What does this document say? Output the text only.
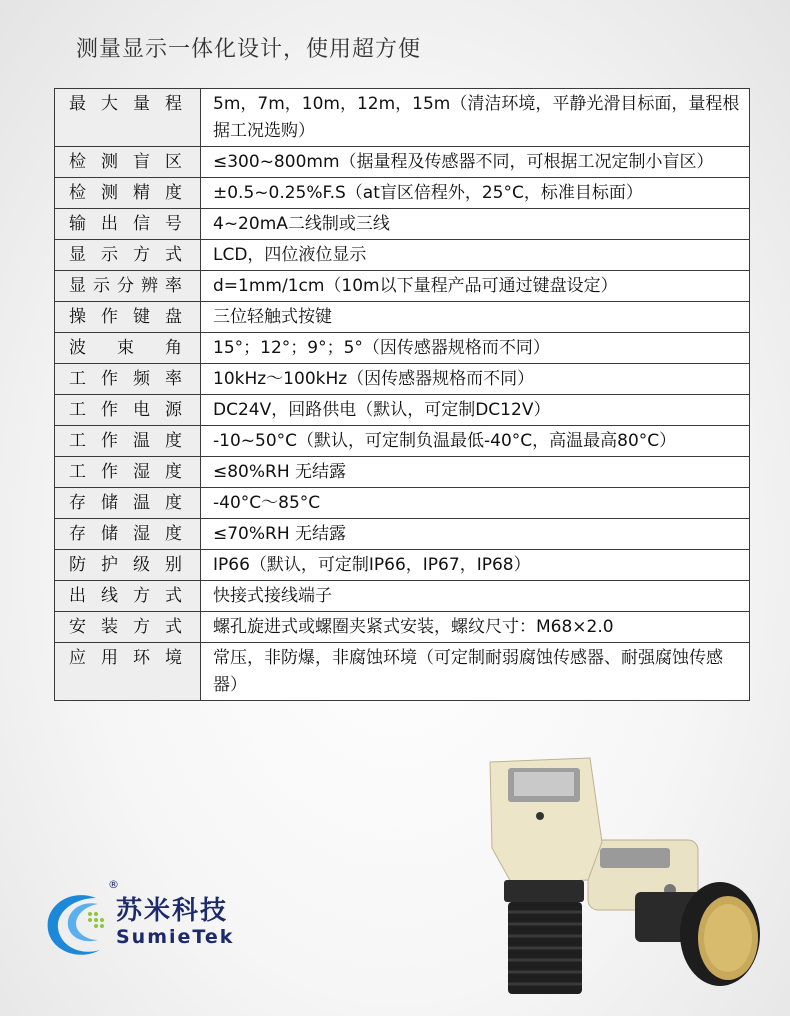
测量显示一体化设计，使用超方便
最大量程	5m，7m，10m，12m，15m（清洁环境，平静光滑目标面，量程根据工况选购）
检测盲区	≤300~800mm（据量程及传感器不同，可根据工况定制小盲区）
检测精度	±0.5~0.25%F.S（at盲区倍程外，25°C，标准目标面）
输出信号	4~20mA二线制或三线
显示方式	LCD，四位液位显示
显示分辨率	d=1mm/1cm（10m以下量程产品可通过键盘设定）
操作键盘	三位轻触式按键
波束角	15°；12°；9°；5°（因传感器规格而不同）
工作频率	10kHz～100kHz（因传感器规格而不同）
工作电源	DC24V，回路供电（默认，可定制DC12V）
工作温度	-10~50°C（默认，可定制负温最低-40°C，高温最高80°C）
工作湿度	≤80%RH 无结露
存储温度	-40°C～85°C
存储湿度	≤70%RH 无结露
防护级别	IP66（默认，可定制IP66，IP67，IP68）
出线方式	快接式接线端子
安装方式	螺孔旋进式或螺圈夹紧式安装，螺纹尺寸：M68×2.0
应用环境	常压，非防爆，非腐蚀环境（可定制耐弱腐蚀传感器、耐强腐蚀传感器）
®
苏米科技
SumieTek
